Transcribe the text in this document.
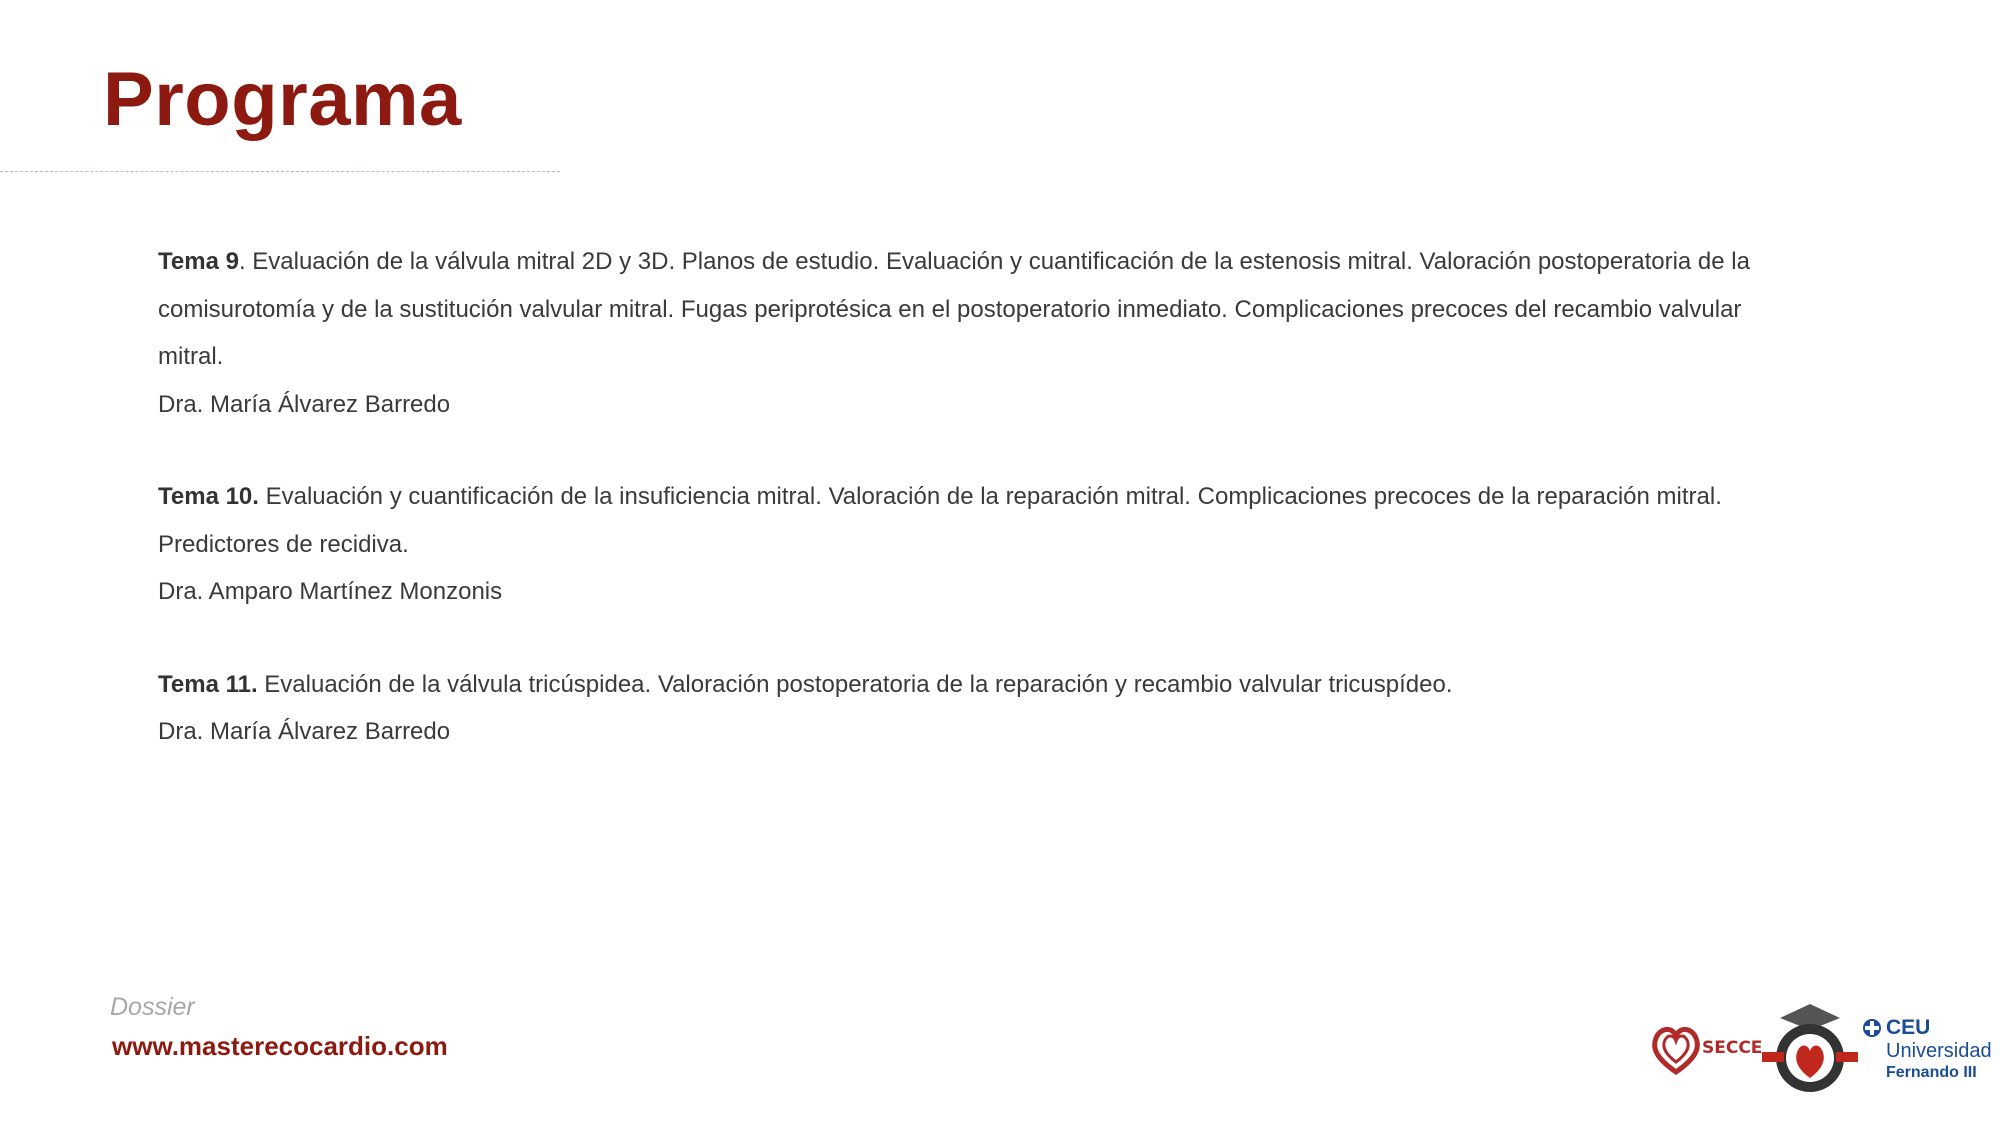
Programa
Tema 9. Evaluación de la válvula mitral 2D y 3D. Planos de estudio. Evaluación y cuantificación de la estenosis mitral. Valoración postoperatoria de la comisurotomía y de la sustitución valvular mitral. Fugas periprotésica en el postoperatorio inmediato. Complicaciones precoces del recambio valvular mitral.
Dra. María Álvarez Barredo
Tema 10. Evaluación y cuantificación de la insuficiencia mitral. Valoración de la reparación mitral. Complicaciones precoces de la reparación mitral. Predictores de recidiva.
Dra. Amparo Martínez Monzonis
Tema 11. Evaluación de la válvula tricúspidea. Valoración postoperatoria de la reparación y recambio valvular tricuspídeo.
Dra. María Álvarez Barredo
Dossier
www.masterecocardio.com	SECCE
CEU
Universidad
Fernando III
